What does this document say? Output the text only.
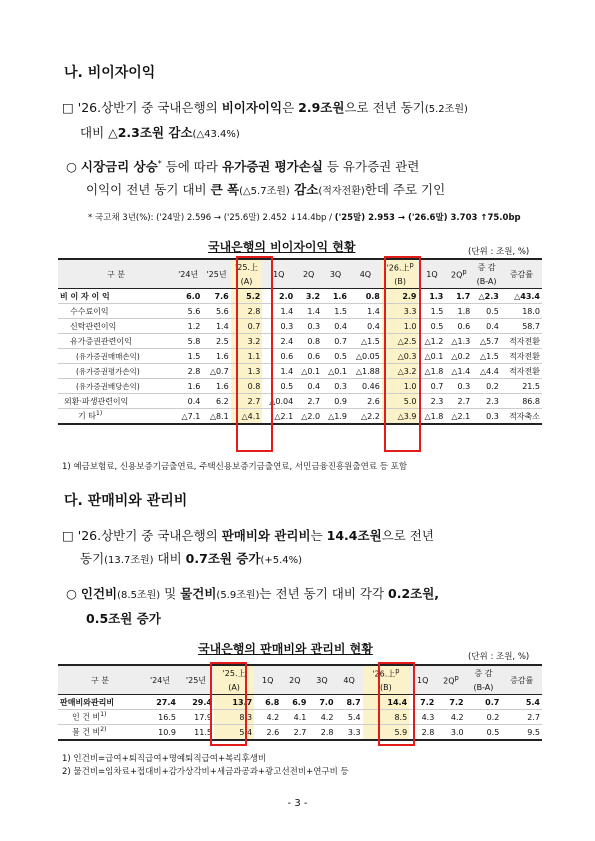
나. 비이자이익
□ '26.상반기 중 국내은행의 비이자이익은 2.9조원으로 전년 동기(5.2조원)
대비 △2.3조원 감소(△43.4%)
○ 시장금리 상승* 등에 따라 유가증권 평가손실 등 유가증권 관련
이익이 전년 동기 대비 큰 폭(△5.7조원) 감소(적자전환)한데 주로 기인
* 국고채 3년(%): ('24말) 2.596 → ('25.6말) 2.452 ↓14.4bp / ('25말) 2.953 → ('26.6말) 3.703 ↑75.0bp
국내은행의 비이자이익 현황	(단위 : 조원, %)
구 분	'24년	'25년	'25.上	1Q	2Q	3Q	4Q	'26.上$^p$	1Q	$2Q^p$	증 감	증감률
			(A)					(B)			(B-A)	
비 이 자 이 익	6.0	7.6	5.2	2.0	3.2	1.6	0.8	2.9	1.3	1.7	△2.3	△43.4
수수료이익	5.6	5.6	2.8	1.4	1.4	1.5	1.4	3.3	1.5	1.8	0.5	18.0
신탁관련이익	1.2	1.4	0.7	0.3	0.3	0.4	0.4	1.0	0.5	0.6	0.4	58.7
유가증권관련이익	5.8	2.5	3.2	2.4	0.8	0.7	△1.5	△2.5	△1.2	△1.3	△5.7	적자전환
(유가증권매매손익)	1.5	1.6	1.1	0.6	0.6	0.5	△0.05	△0.3	△0.1	△0.2	△1.5	적자전환
(유가증권평가손익)	2.8	△0.7	1.3	1.4	△0.1	△0.1	△1.88	△3.2	△1.8	△1.4	△4.4	적자전환
(유가증권배당손익)	1.6	1.6	0.8	0.5	0.4	0.3	0.46	1.0	0.7	0.3	0.2	21.5
외환·파생관련이익	0.4	6.2	2.7	△0.04	2.7	0.9	2.6	5.0	2.3	2.7	2.3	86.8
기 타$^{1)}$	△7.1	△8.1	△4.1	△2.1	△2.0	△1.9	△2.2	△3.9	△1.8	△2.1	0.3	적자축소
1) 예금보험료, 신용보증기금출연료, 주택신용보증기금출연료, 서민금융진흥원출연료 등 포함
다. 판매비와 관리비
□ '26.상반기 중 국내은행의 판매비와 관리비는 14.4조원으로 전년
동기(13.7조원) 대비 0.7조원 증가(+5.4%)
○ 인건비(8.5조원) 및 물건비(5.9조원)는 전년 동기 대비 각각 0.2조원,
0.5조원 증가
국내은행의 판매비와 관리비 현황
(단위 : 조원, %)
구 분	'24년	'25년	'25.上	1Q	2Q	3Q	4Q	'26.上$^p$	1Q	$2Q^p$	증 감	증감률
			(A)					(B)			(B-A)	
판매비와관리비	27.4	29.4	13.7	6.8	6.9	7.0	8.7	14.4	7.2	7.2	0.7	5.4
인 건 비$^{1)}$	16.5	17.9	8.3	4.2	4.1	4.2	5.4	8.5	4.3	4.2	0.2	2.7
물 건 비$^{2)}$	10.9	11.5	5.4	2.6	2.7	2.8	3.3	5.9	2.8	3.0	0.5	9.5
1) 인건비=급여+퇴직급여+명예퇴직급여+복리후생비
2) 물건비=임차료+접대비+감가상각비+세금과공과+광고선전비+연구비 등
- 3 -
